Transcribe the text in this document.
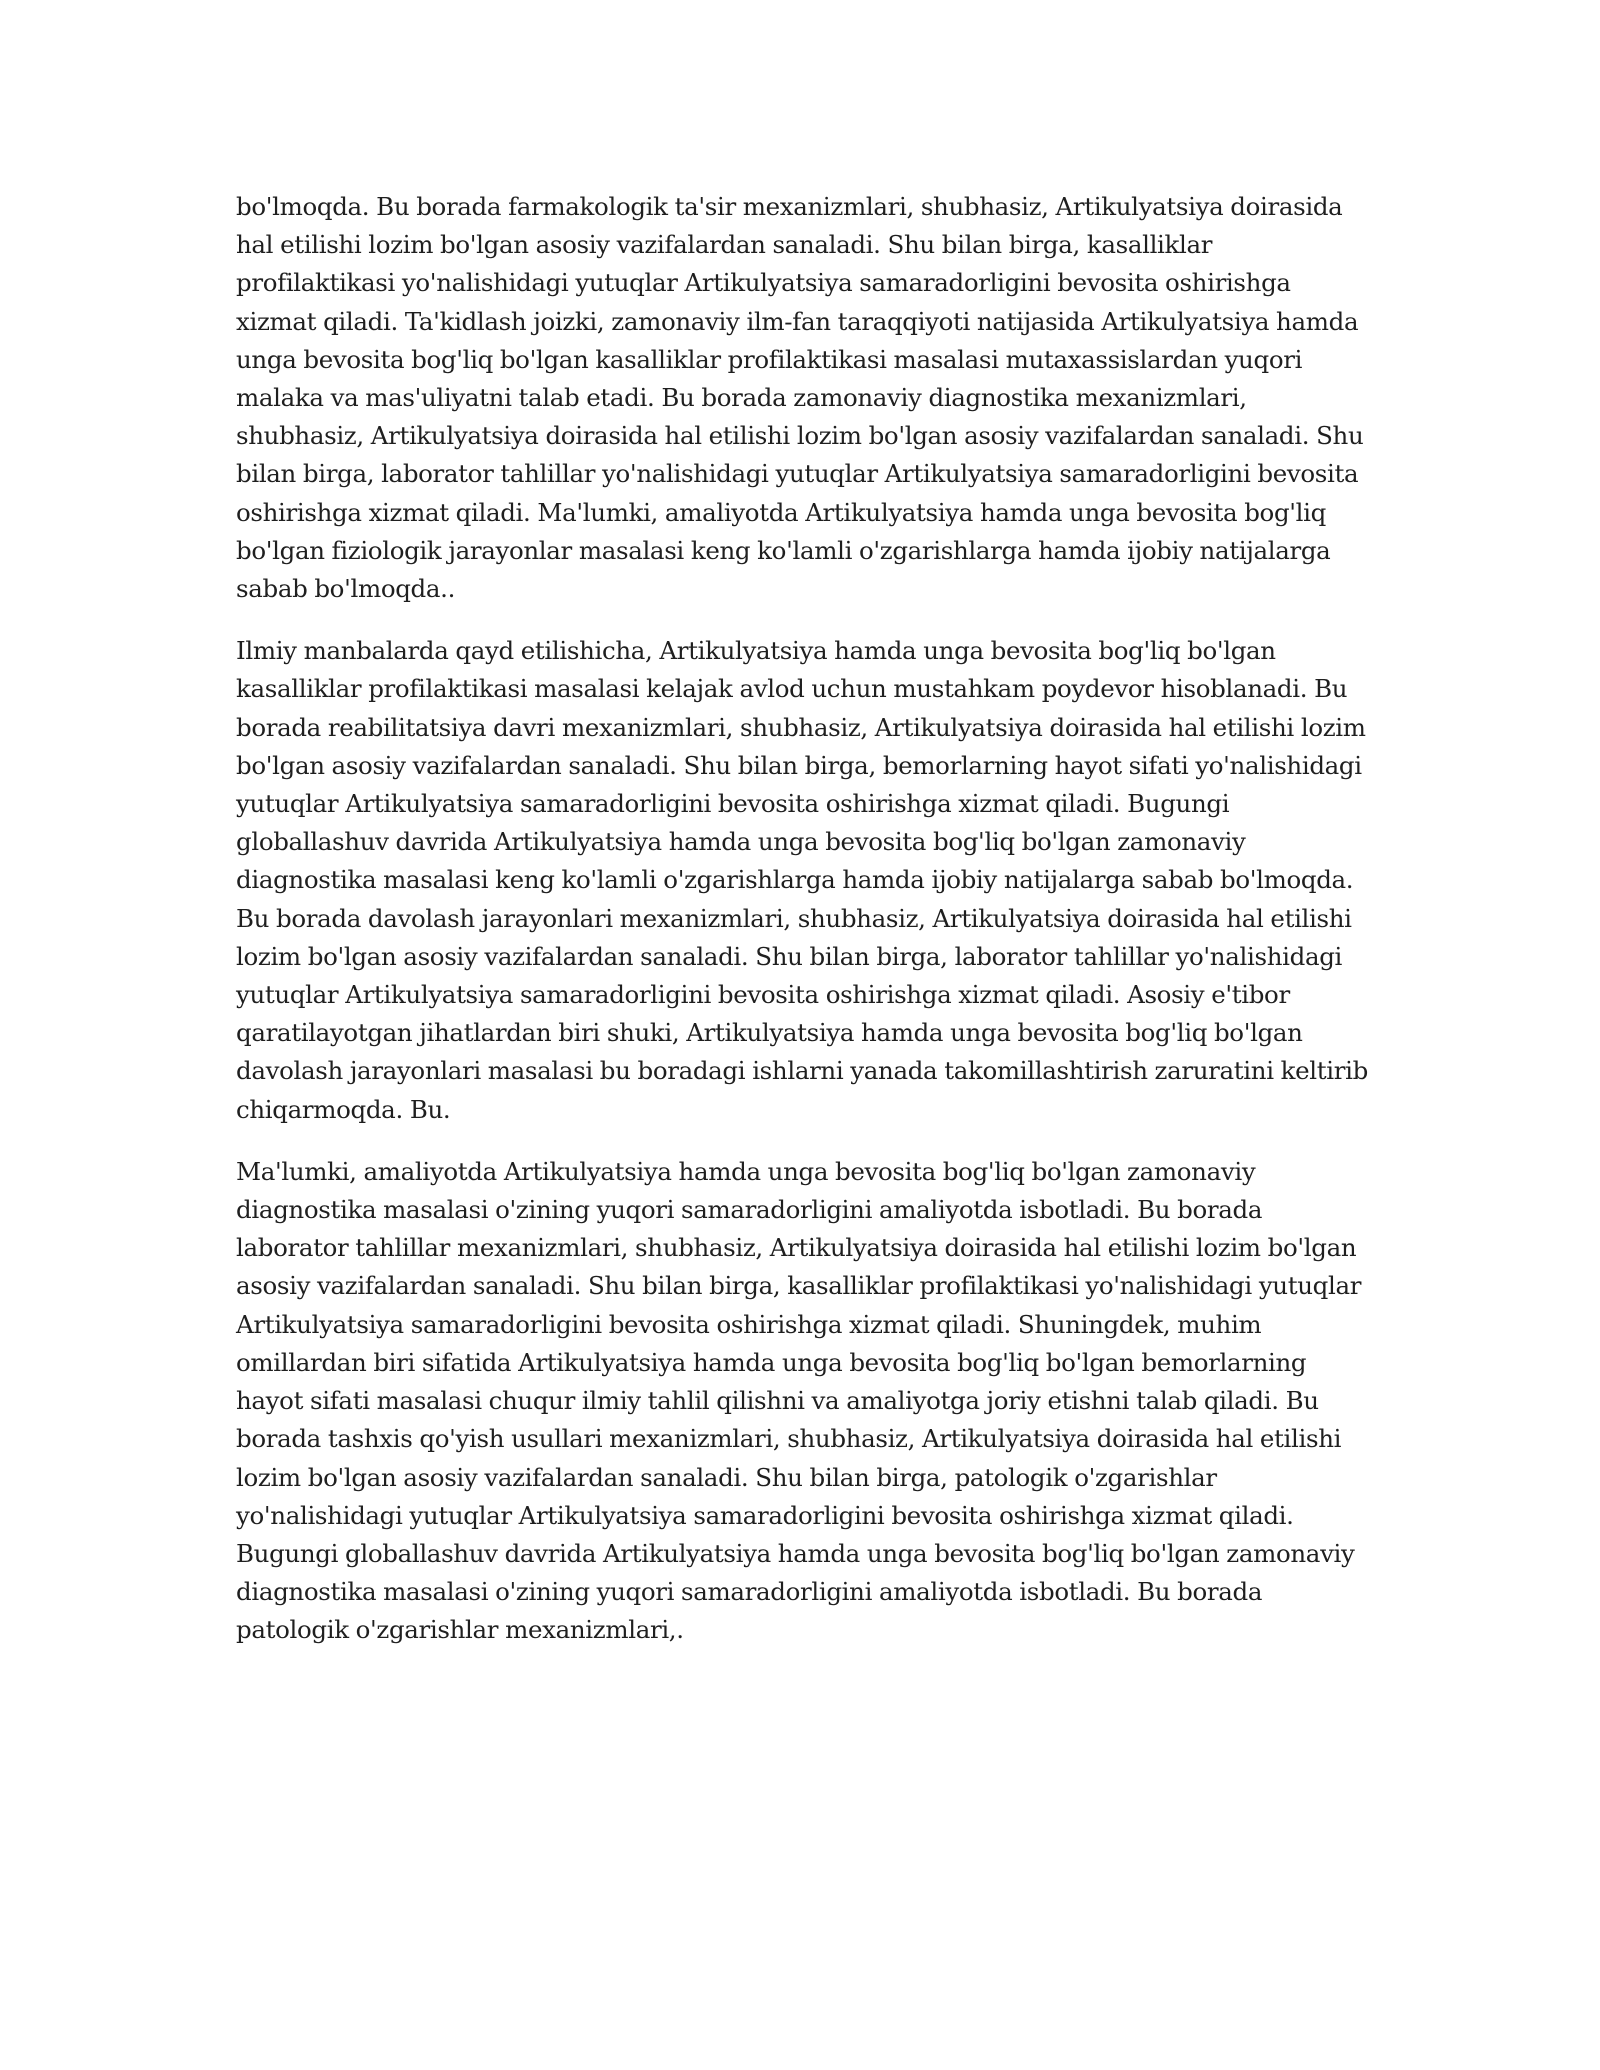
bo'lmoqda. Bu borada farmakologik ta'sir mexanizmlari, shubhasiz, Artikulyatsiya doirasida hal etilishi lozim bo'lgan asosiy vazifalardan sanaladi. Shu bilan birga, kasalliklar profilaktikasi yo'nalishidagi yutuqlar Artikulyatsiya samaradorligini bevosita oshirishga xizmat qiladi. Ta'kidlash joizki, zamonaviy ilm-fan taraqqiyoti natijasida Artikulyatsiya hamda unga bevosita bog'liq bo'lgan kasalliklar profilaktikasi masalasi mutaxassislardan yuqori malaka va mas'uliyatni talab etadi. Bu borada zamonaviy diagnostika mexanizmlari, shubhasiz, Artikulyatsiya doirasida hal etilishi lozim bo'lgan asosiy vazifalardan sanaladi. Shu bilan birga, laborator tahlillar yo'nalishidagi yutuqlar Artikulyatsiya samaradorligini bevosita oshirishga xizmat qiladi. Ma'lumki, amaliyotda Artikulyatsiya hamda unga bevosita bog'liq bo'lgan fiziologik jarayonlar masalasi keng ko'lamli o'zgarishlarga hamda ijobiy natijalarga sabab bo'lmoqda..

Ilmiy manbalarda qayd etilishicha, Artikulyatsiya hamda unga bevosita bog'liq bo'lgan kasalliklar profilaktikasi masalasi kelajak avlod uchun mustahkam poydevor hisoblanadi. Bu borada reabilitatsiya davri mexanizmlari, shubhasiz, Artikulyatsiya doirasida hal etilishi lozim bo'lgan asosiy vazifalardan sanaladi. Shu bilan birga, bemorlarning hayot sifati yo'nalishidagi yutuqlar Artikulyatsiya samaradorligini bevosita oshirishga xizmat qiladi. Bugungi globallashuv davrida Artikulyatsiya hamda unga bevosita bog'liq bo'lgan zamonaviy diagnostika masalasi keng ko'lamli o'zgarishlarga hamda ijobiy natijalarga sabab bo'lmoqda. Bu borada davolash jarayonlari mexanizmlari, shubhasiz, Artikulyatsiya doirasida hal etilishi lozim bo'lgan asosiy vazifalardan sanaladi. Shu bilan birga, laborator tahlillar yo'nalishidagi yutuqlar Artikulyatsiya samaradorligini bevosita oshirishga xizmat qiladi. Asosiy e'tibor qaratilayotgan jihatlardan biri shuki, Artikulyatsiya hamda unga bevosita bog'liq bo'lgan davolash jarayonlari masalasi bu boradagi ishlarni yanada takomillashtirish zaruratini keltirib chiqarmoqda. Bu.

Ma'lumki, amaliyotda Artikulyatsiya hamda unga bevosita bog'liq bo'lgan zamonaviy diagnostika masalasi o'zining yuqori samaradorligini amaliyotda isbotladi. Bu borada laborator tahlillar mexanizmlari, shubhasiz, Artikulyatsiya doirasida hal etilishi lozim bo'lgan asosiy vazifalardan sanaladi. Shu bilan birga, kasalliklar profilaktikasi yo'nalishidagi yutuqlar Artikulyatsiya samaradorligini bevosita oshirishga xizmat qiladi. Shuningdek, muhim omillardan biri sifatida Artikulyatsiya hamda unga bevosita bog'liq bo'lgan bemorlarning hayot sifati masalasi chuqur ilmiy tahlil qilishni va amaliyotga joriy etishni talab qiladi. Bu borada tashxis qo'yish usullari mexanizmlari, shubhasiz, Artikulyatsiya doirasida hal etilishi lozim bo'lgan asosiy vazifalardan sanaladi. Shu bilan birga, patologik o'zgarishlar yo'nalishidagi yutuqlar Artikulyatsiya samaradorligini bevosita oshirishga xizmat qiladi. Bugungi globallashuv davrida Artikulyatsiya hamda unga bevosita bog'liq bo'lgan zamonaviy diagnostika masalasi o'zining yuqori samaradorligini amaliyotda isbotladi. Bu borada patologik o'zgarishlar mexanizmlari,.
